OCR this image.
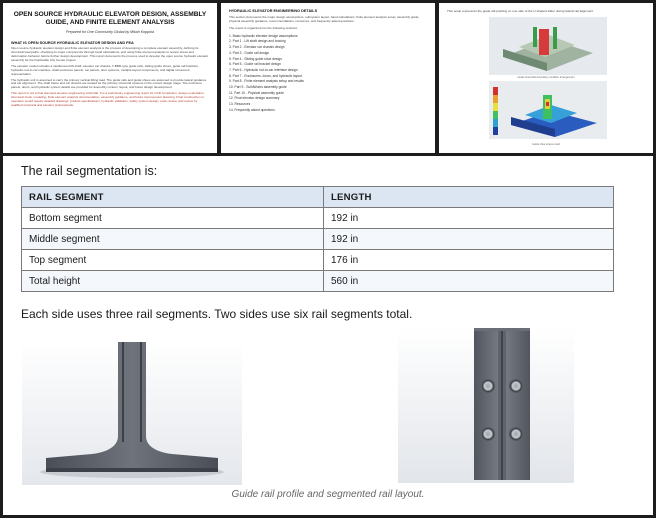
OPEN SOURCE HYDRAULIC ELEVATOR DESIGN, ASSEMBLY GUIDE, AND FINITE ELEMENT ANALYSIS
Prepared for One Community Global by Mikah Koppola
WHAT IS OPEN SOURCE HYDRAULIC ELEVATOR DESIGN AND FEA

Open source hydraulic elevator design and finite element analysis is the process of developing a complete elevator assembly, defining its structural load paths, checking its major components through hand calculations, and using finite element analysis to review stress and deformation behavior before further design development. This report documents the process used to develop the open source hydraulic elevator assembly for the Duplicable City Center project.

The elevator model includes a cantilevered lift shaft, elevator car chassis, T-BBR-type guide rails, sliding guide shoes, guide rail brackets, hydraulic rod-to-car interface, shaft enclosure panels, car panels, door systems, multiple layout components, and digital movement representation.

The hydraulic unit is assumed to carry the primary vertical lifting load. The guide rails and guide shoes are assumed to provide lateral guidance and car alignment. The shaft frame and car chassis are treated as the primary structural systems in the current design stage. The enclosure panels, doors, and hydraulic system details are provided for assembly context, layout, and future design development.

This report is not a final stamped elevator engineering submittal. It is a preliminary engineering report for CAD completion, design exploration, structural study, modeling, finite element analysis documentation, assembly guidance, and future improvement planning. Final construction or operation would require detailed drawings, product specifications, hydraulic validation, safety system design, code review, and review by qualified structural and elevator professionals.

HYDRAULIC ELEVATOR ENGINEERING DETAILS

This section documents the major design assumptions, subsystem layout, hand calculations, finite element analysis setup, assembly guide, physical assembly guidance, recommendations, resources, and frequently asked questions.

The report is organized into the following sections:

1. Basic hydraulic elevator design assumptions
2. Part 1 - Lift shaft design and bracing
3. Part 2 - Elevator car chassis design
4. Part 3 - Guide rail design
5. Part 4 - Sliding guide shoe design
6. Part 5 - Guide rail bracket design
7. Part 6 - Hydraulic rod-to-car interface design
8. Part 7 - Enclosures, doors, and hydraulic layout
9. Part 8 - Finite element analysis setup and results
10. Part 9 - SolidWorks assembly guide
11. Part 10 - Physical assembly guide
12. Final elevator design summary
13. Resources
14. Frequently asked questions

This setup represents the guide rail pushing on one side of the U-shaped slider during lateral rail alignment.

Guide shoe FEA boundary condition arrangement
Guide shoe stress result
The rail segmentation is:
RAIL SEGMENT	LENGTH
Bottom segment	192 in
Middle segment	192 in
Top segment	176 in
Total height	560 in
Each side uses three rail segments. Two sides use six rail segments total.
Guide rail profile and segmented rail layout.
